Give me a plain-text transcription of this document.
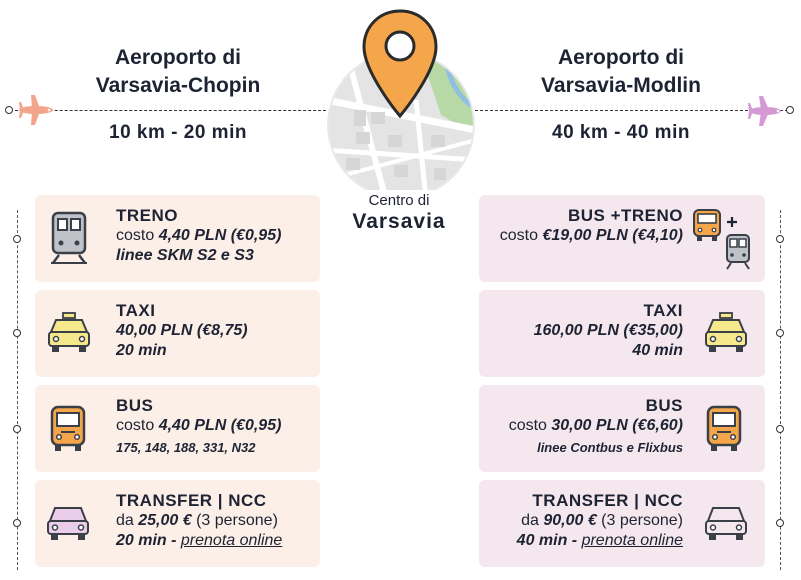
Aeroporto di
Varsavia-Chopin
10 km - 20 min
Aeroporto di
Varsavia-Modlin
40 km - 40 min
Centro di
Varsavia
TRENO
costo 4,40 PLN (€0,95)
linee SKM S2 e S3
TAXI
40,00 PLN (€8,75)
20 min
BUS
costo 4,40 PLN (€0,95)
175, 148, 188, 331, N32
TRANSFER | NCC
da 25,00 € (3 persone)
20 min - prenota online
BUS +TRENO
costo €19,00 PLN (€4,10)
TAXI
160,00 PLN (€35,00)
40 min
BUS
costo 30,00 PLN (€6,60)
linee Contbus e Flixbus
TRANSFER | NCC
da 90,00 € (3 persone)
40 min - prenota online
